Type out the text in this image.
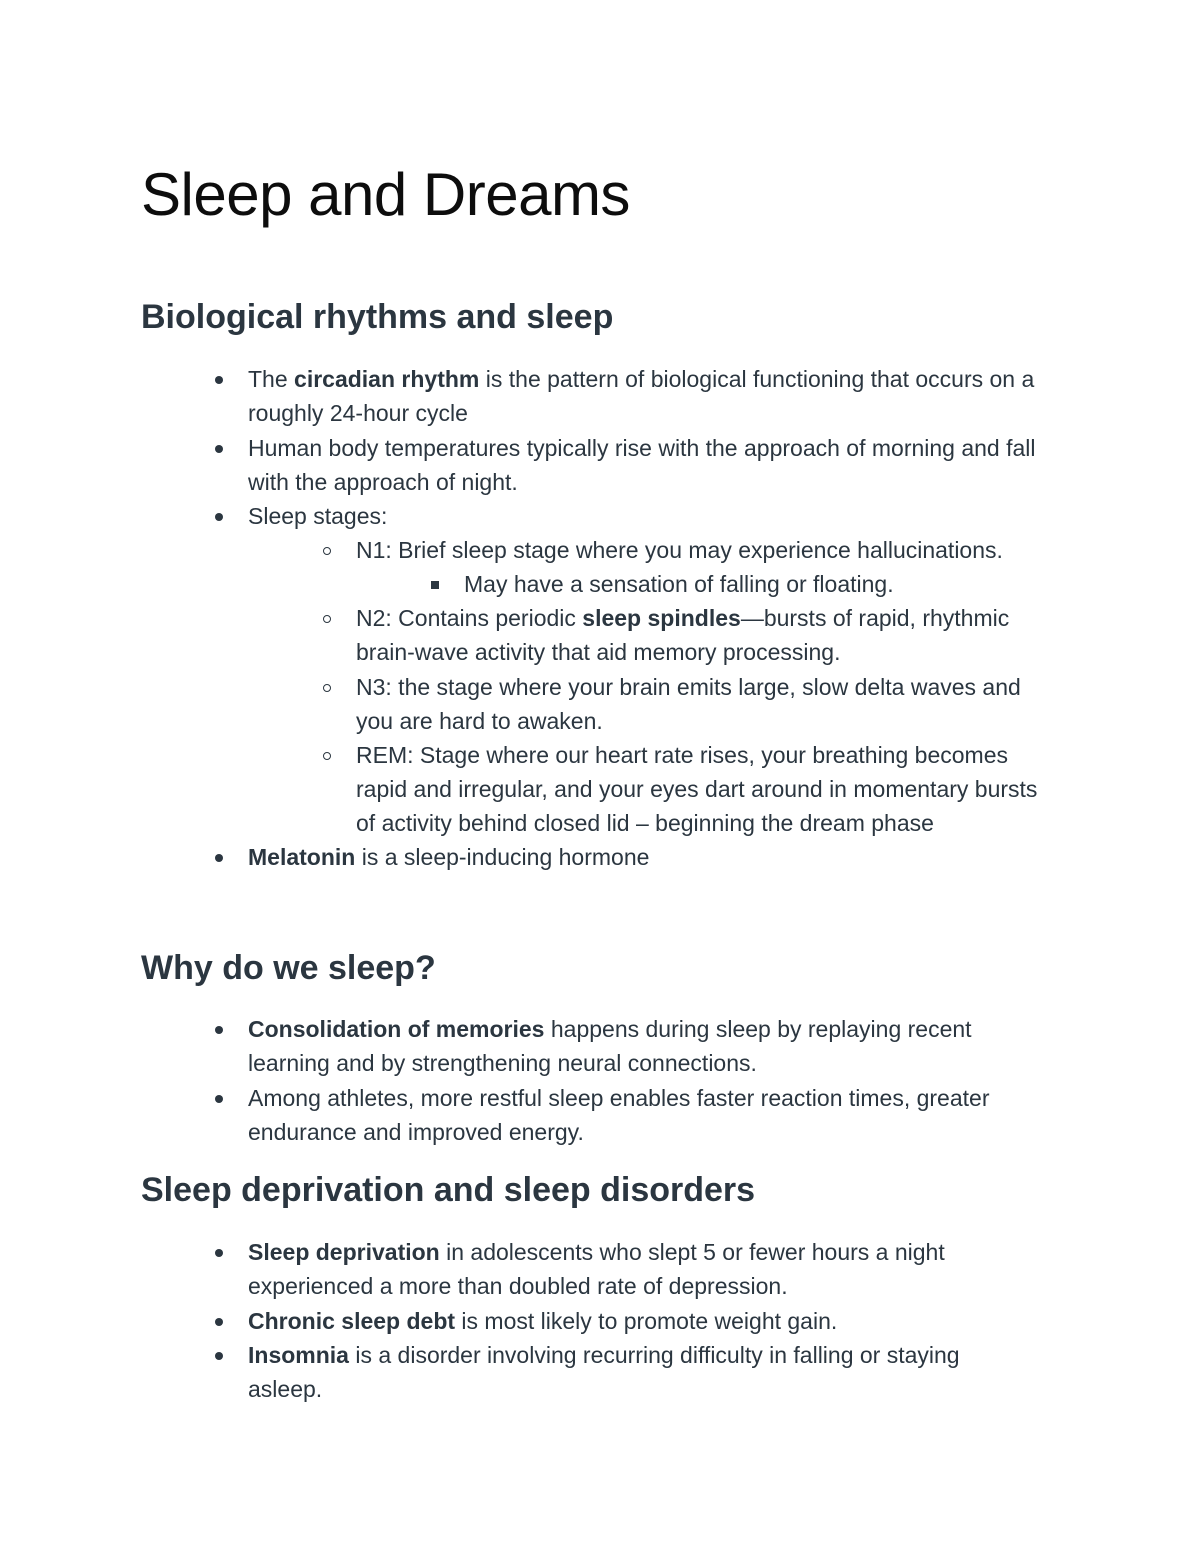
Sleep and Dreams
Biological rhythms and sleep
The circadian rhythm is the pattern of biological functioning that occurs on a roughly 24-hour cycle
Human body temperatures typically rise with the approach of morning and fall with the approach of night.
Sleep stages:
N1: Brief sleep stage where you may experience hallucinations.
May have a sensation of falling or floating.
N2: Contains periodic sleep spindles—bursts of rapid, rhythmic brain-wave activity that aid memory processing.
N3: the stage where your brain emits large, slow delta waves and you are hard to awaken.
REM: Stage where our heart rate rises, your breathing becomes rapid and irregular, and your eyes dart around in momentary bursts of activity behind closed lid – beginning the dream phase
Melatonin is a sleep-inducing hormone
Why do we sleep?
Consolidation of memories happens during sleep by replaying recent learning and by strengthening neural connections.
Among athletes, more restful sleep enables faster reaction times, greater endurance and improved energy.
Sleep deprivation and sleep disorders
Sleep deprivation in adolescents who slept 5 or fewer hours a night experienced a more than doubled rate of depression.
Chronic sleep debt is most likely to promote weight gain.
Insomnia is a disorder involving recurring difficulty in falling or staying asleep.
